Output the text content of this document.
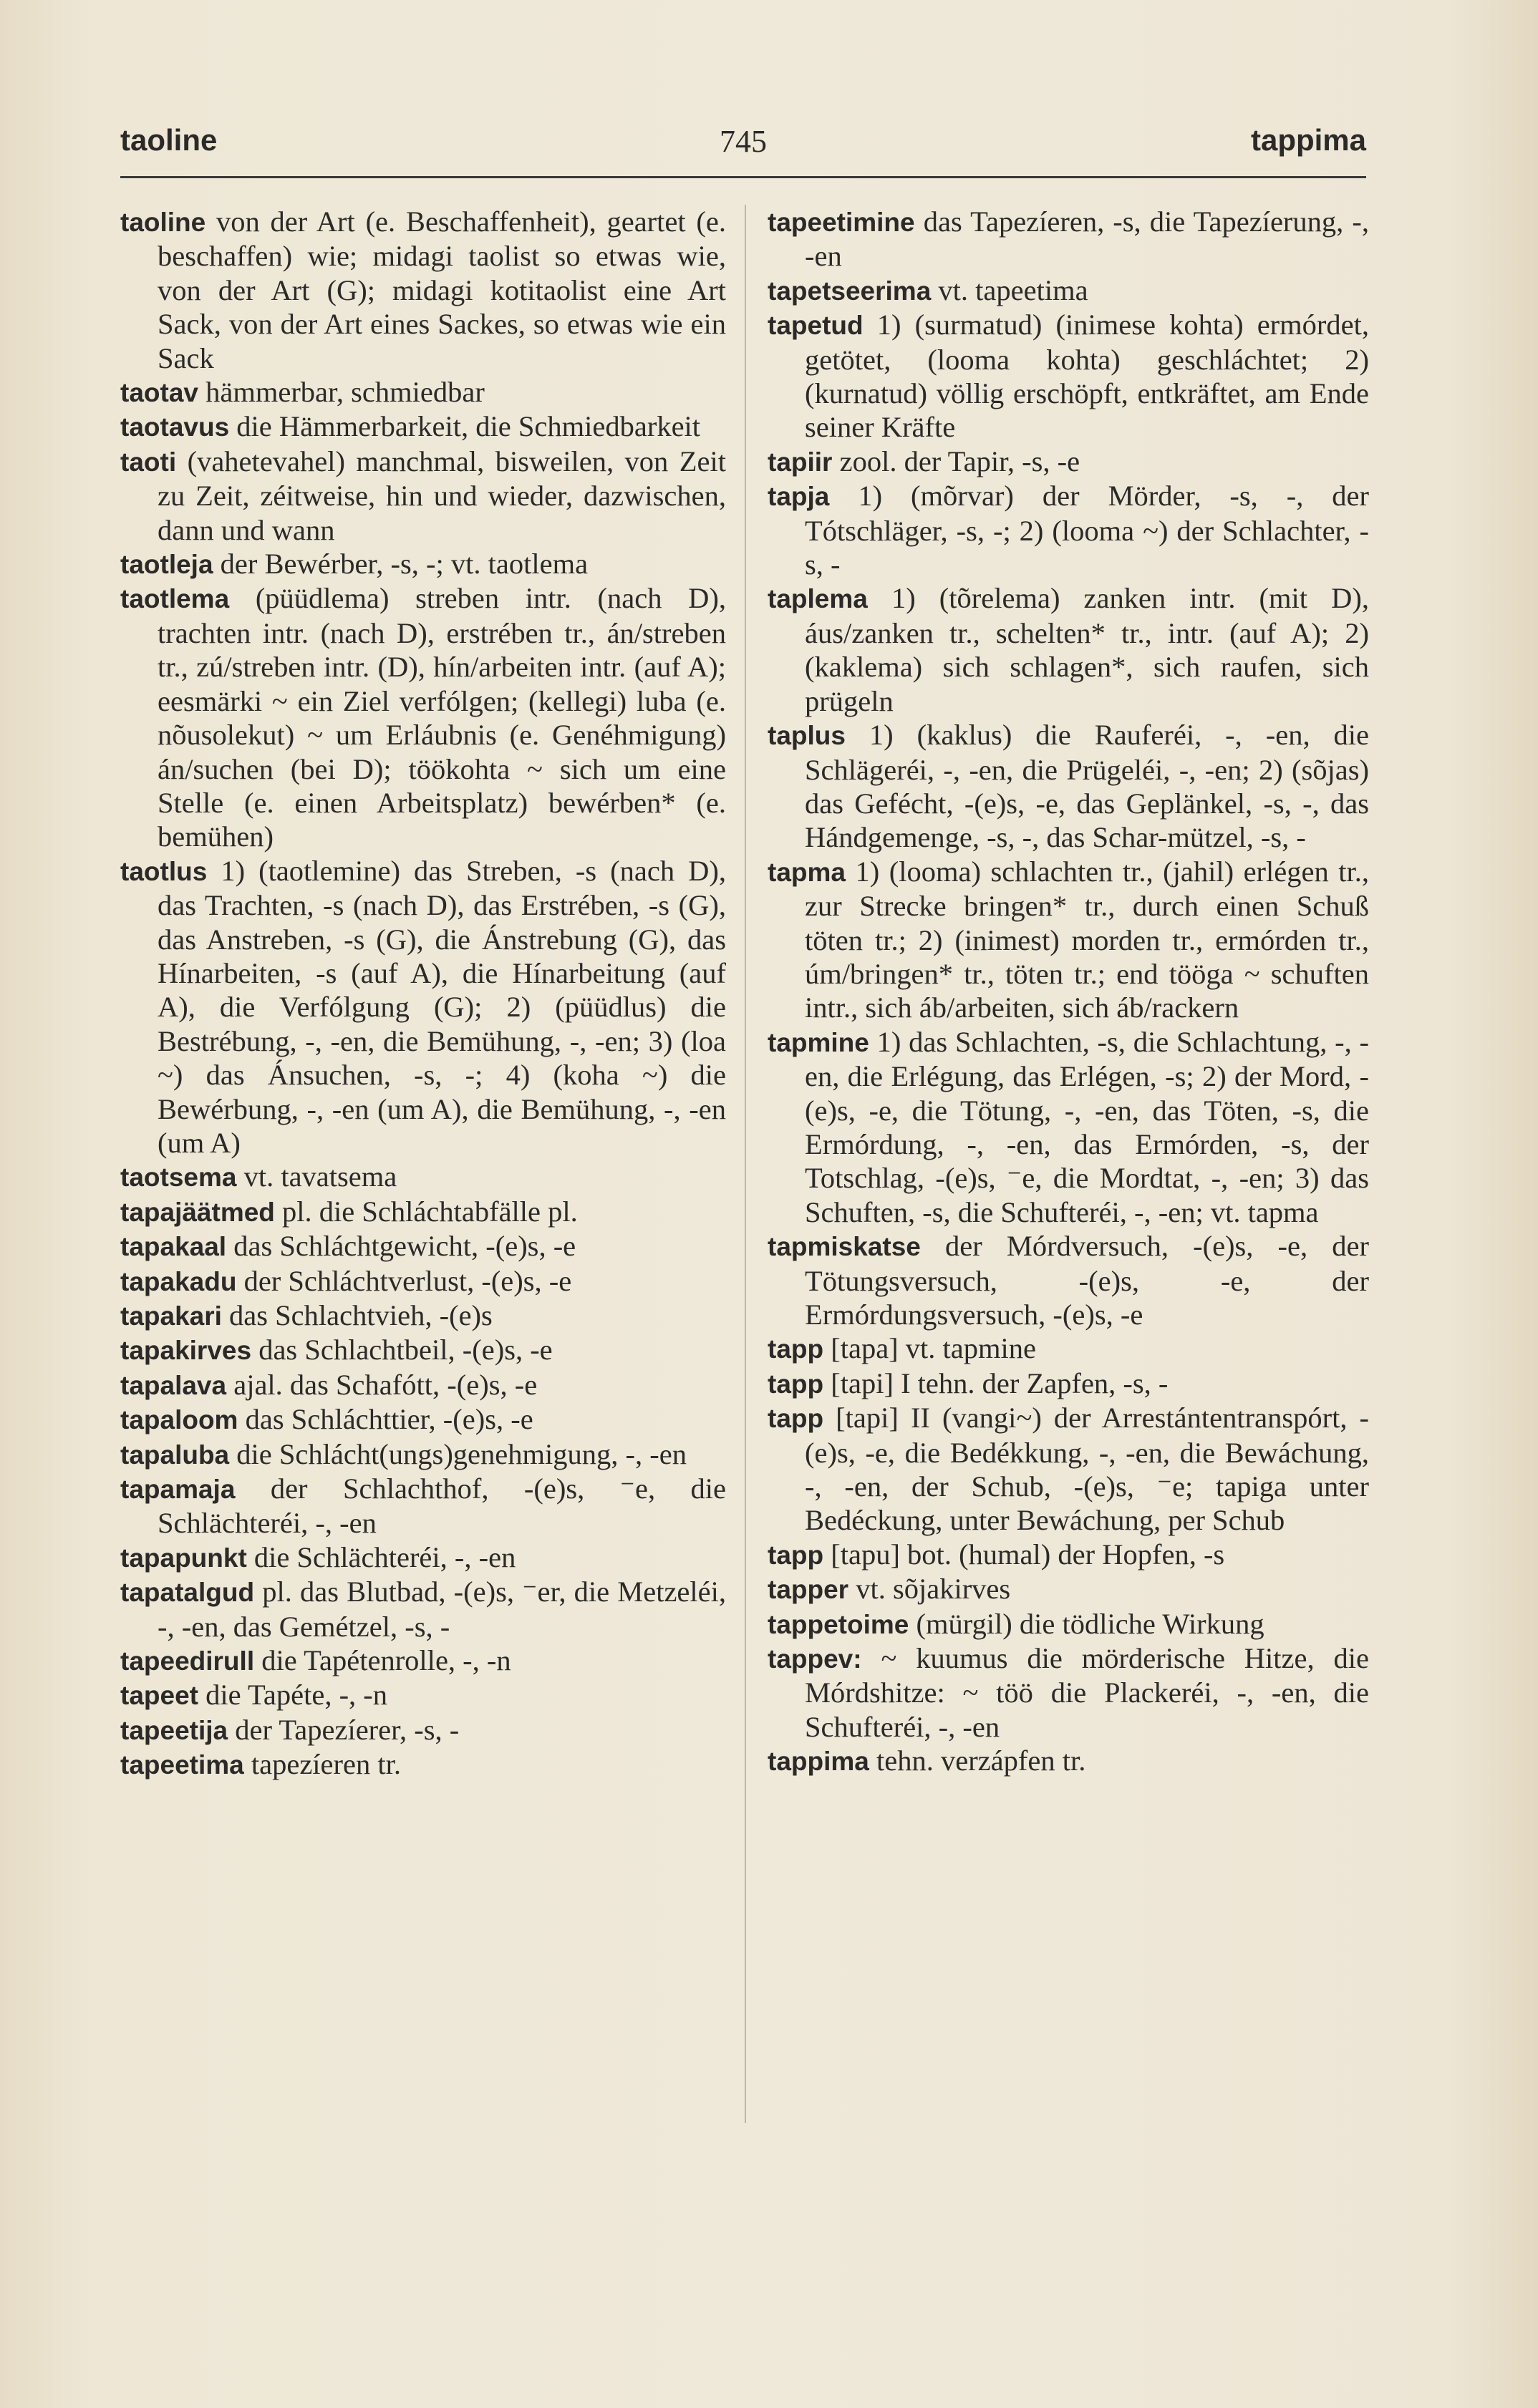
taoline	745	tappima

taoline von der Art (e. Beschaffenheit), geartet (e. beschaffen) wie; midagi taolist so etwas wie, von der Art (G); midagi kotitaolist eine Art Sack, von der Art eines Sackes, so etwas wie ein Sack

taotav hämmerbar, schmiedbar

taotavus die Hämmerbarkeit, die Schmiedbarkeit

taoti (vahetevahel) manchmal, bisweilen, von Zeit zu Zeit, zéitweise, hin und wieder, dazwischen, dann und wann

taotleja der Bewérber, -s, -; vt. taotlema

taotlema (püüdlema) streben intr. (nach D), trachten intr. (nach D), erstrében tr., án/streben tr., zú/streben intr. (D), hín/arbeiten intr. (auf A); eesmärki ~ ein Ziel verfólgen; (kellegi) luba (e. nõusolekut) ~ um Erláubnis (e. Genéhmigung) án/suchen (bei D); töökohta ~ sich um eine Stelle (e. einen Arbeitsplatz) bewérben* (e. bemühen)

taotlus 1) (taotlemine) das Streben, -s (nach D), das Trachten, -s (nach D), das Erstrében, -s (G), das Anstreben, -s (G), die Ánstrebung (G), das Hínarbeiten, -s (auf A), die Hínarbeitung (auf A), die Verfólgung (G); 2) (püüdlus) die Bestrébung, -, -en, die Bemühung, -, -en; 3) (loa ~) das Ánsuchen, -s, -; 4) (koha ~) die Bewérbung, -, -en (um A), die Bemühung, -, -en (um A)

taotsema vt. tavatsema

tapajäätmed pl. die Schláchtabfälle pl.

tapakaal das Schláchtgewicht, -(e)s, -e

tapakadu der Schláchtverlust, -(e)s, -e

tapakari das Schlachtvieh, -(e)s

tapakirves das Schlachtbeil, -(e)s, -e

tapalava ajal. das Schafótt, -(e)s, -e

tapaloom das Schláchttier, -(e)s, -e

tapaluba die Schlácht(ungs)genehmigung, -, -en

tapamaja der Schlachthof, -(e)s, ⁻e, die Schlächteréi, -, -en

tapapunkt die Schlächteréi, -, -en

tapatalgud pl. das Blutbad, -(e)s, ⁻er, die Metzeléi, -, -en, das Gemétzel, -s, -

tapeedirull die Tapétenrolle, -, -n

tapeet die Tapéte, -, -n

tapeetija der Tapezíerer, -s, -

tapeetima tapezíeren tr.

tapeetimine das Tapezíeren, -s, die Tapezíerung, -, -en

tapetseerima vt. tapeetima

tapetud 1) (surmatud) (inimese kohta) ermórdet, getötet, (looma kohta) geschláchtet; 2) (kurnatud) völlig erschöpft, entkräftet, am Ende seiner Kräfte

tapiir zool. der Tapir, -s, -e

tapja 1) (mõrvar) der Mörder, -s, -, der Tótschläger, -s, -; 2) (looma ~) der Schlachter, -s, -

taplema 1) (tõrelema) zanken intr. (mit D), áus/zanken tr., schelten* tr., intr. (auf A); 2) (kaklema) sich schlagen*, sich raufen, sich prügeln

taplus 1) (kaklus) die Rauferéi, -, -en, die Schlägeréi, -, -en, die Prügeléi, -, -en; 2) (sõjas) das Gefécht, -(e)s, -e, das Geplänkel, -s, -, das Hándgemenge, -s, -, das Schar-mützel, -s, -

tapma 1) (looma) schlachten tr., (jahil) erlégen tr., zur Strecke bringen* tr., durch einen Schuß töten tr.; 2) (inimest) morden tr., ermórden tr., úm/bringen* tr., töten tr.; end tööga ~ schuften intr., sich áb/arbeiten, sich áb/rackern

tapmine 1) das Schlachten, -s, die Schlachtung, -, -en, die Erlégung, das Erlégen, -s; 2) der Mord, -(e)s, -e, die Tötung, -, -en, das Töten, -s, die Ermórdung, -, -en, das Ermórden, -s, der Totschlag, -(e)s, ⁻e, die Mordtat, -, -en; 3) das Schuften, -s, die Schufteréi, -, -en; vt. tapma

tapmiskatse der Mórdversuch, -(e)s, -e, der Tötungsversuch, -(e)s, -e, der Ermórdungsversuch, -(e)s, -e

tapp [tapa] vt. tapmine

tapp [tapi] I tehn. der Zapfen, -s, -

tapp [tapi] II (vangi~) der Arrestántentranspórt, -(e)s, -e, die Bedékkung, -, -en, die Bewáchung, -, -en, der Schub, -(e)s, ⁻e; tapiga unter Bedéckung, unter Bewáchung, per Schub

tapp [tapu] bot. (humal) der Hopfen, -s

tapper vt. sõjakirves

tappetoime (mürgil) die tödliche Wirkung

tappev: ~ kuumus die mörderische Hitze, die Mórdshitze: ~ töö die Plackeréi, -, -en, die Schufteréi, -, -en

tappima tehn. verzápfen tr.
